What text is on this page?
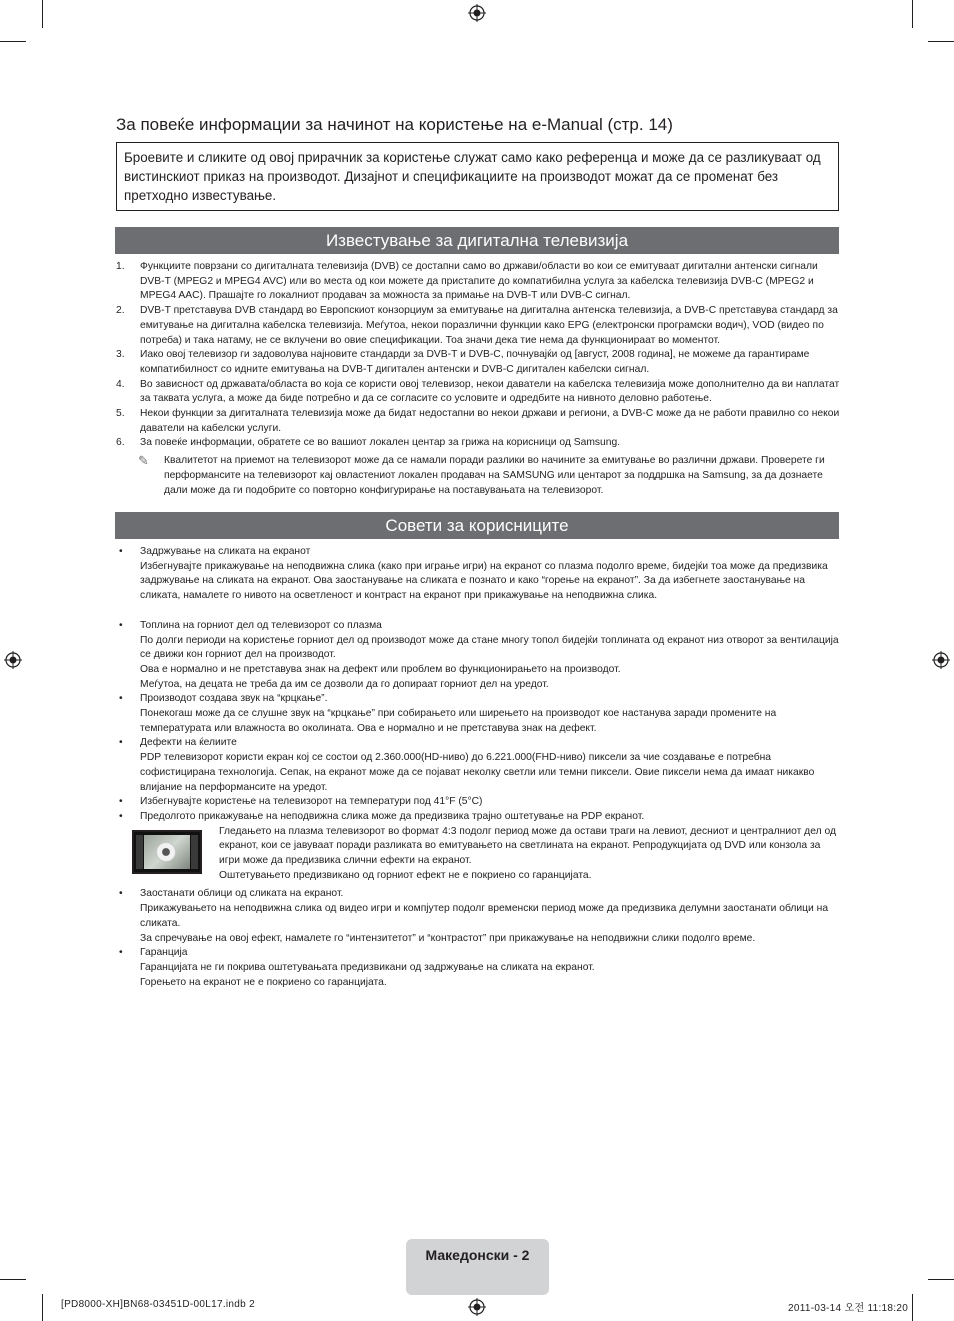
За повеќе информации за начинот на користење на e-Manual (стр. 14)
Броевите и сликите од овој прирачник за користење служат само како референца и може да се разликуваат од вистинскиот приказ на производот. Дизајнот и спецификациите на производот можат да се променат без претходно известување.
Известување за дигитална телевизија
1.	Функциите поврзани со дигиталната телевизија (DVB) се достапни само во држави/области во кои се емитуваат дигитални антенски сигнали DVB-T (MPEG2 и MPEG4 AVC) или во места од кои можете да пристапите до компатибилна услуга за кабелска телевизија DVB-C (MPEG2 и MPEG4 AAC). Прашајте го локалниот продавач за можноста за примање на DVB-T или DVB-C сигнал.
2.	DVB-T претставува DVB стандард во Европскиот конзорциум за емитување на дигитална антенска телевизија, а DVB-C претставува стандард за емитување на дигитална кабелска телевизија. Меѓутоа, некои поразлични функции како EPG (електронски програмски водич), VOD (видео по потреба) и така натаму, не се вклучени во овие спецификации. Тоа значи дека тие нема да функционираат во моментот.
3.	Иако овој телевизор ги задоволува најновите стандарди за DVB-T и DVB-C, почнувајќи од [август, 2008 година], не можеме да гарантираме компатибилност со идните емитувања на DVB-T дигитален антенски и DVB-C дигитален кабелски сигнал.
4.	Во зависност од државата/областа во која се користи овој телевизор, некои даватели на кабелска телевизија може дополнително да ви наплатат за таквата услуга, а може да биде потребно и да се согласите со условите и одредбите на нивното деловно работење.
5.	Некои функции за дигиталната телевизија може да бидат недостапни во некои држави и региони, а DVB-C може да не работи правилно со некои даватели на кабелски услуги.
6.	За повеќе информации, обратете се во вашиот локален центар за грижа на корисници од Samsung.
✎	Квалитетот на приемот на телевизорот може да се намали поради разлики во начините за емитување во различни држави. Проверете ги перформансите на телевизорот кај овластениот локален продавач на SAMSUNG или центарот за поддршка на Samsung, за да дознаете дали може да ги подобрите со повторно конфигурирање на поставувањата на телевизорот.
Совети за корисниците
•	Задржување на сликата на екранот
Избегнувајте прикажување на неподвижна слика (како при играње игри) на екранот со плазма подолго време, бидејќи тоа може да предизвика задржување на сликата на екранот. Ова заостанување на сликата е познато и како “горење на екранот”. За да избегнете заостанување на сликата, намалете го нивото на осветленост и контраст на екранот при прикажување на неподвижна слика.
•	Топлина на горниот дел од телевизорот со плазма
По долги периоди на користење горниот дел од производот може да стане многу топол бидејќи топлината од екранот низ отворот за вентилација се движи кон горниот дел на производот.
Ова е нормално и не претставува знак на дефект или проблем во функционирањето на производот.
Меѓутоа, на децата не треба да им се дозволи да го допираат горниот дел на уредот.
•	Производот создава звук на “крцкање”.
Понекогаш може да се слушне звук на “крцкање” при собирањето или ширењето на производот кое настанува заради промените на температурата или влажноста во околината. Ова е нормално и не претставува знак на дефект.
•	Дефекти на ќелиите
PDP телевизорот користи екран кој се состои од 2.360.000(HD-ниво) до 6.221.000(FHD-ниво) пиксели за чие создавање е потребна софистицирана технологија. Сепак, на екранот може да се појават неколку светли или темни пиксели. Овие пиксели нема да имаат никакво влијание на перформансите на уредот.
•	Избегнувајте користење на телевизорот на температури под 41°F (5°C)
•	Предолгото прикажување на неподвижна слика може да предизвика трајно оштетување на PDP екранот.
Гледањето на плазма телевизорот во формат 4:3 подолг период може да остави траги на левиот, десниот и централниот дел од екранот, кои се јавуваат поради разликата во емитувањето на светлината на екранот. Репродукцијата од DVD или конзола за игри може да предизвика слични ефекти на екранот.
Оштетувањето предизвикано од горниот ефект не е покриено со гаранцијата.
•	Заостанати облици од сликата на екранот.
Прикажувањето на неподвижна слика од видео игри и компјутер подолг временски период може да предизвика делумни заостанати облици на сликата.
За спречување на овој ефект, намалете го “интензитетот” и “контрастот” при прикажување на неподвижни слики подолго време.
•	Гаранција
Гаранцијата не ги покрива оштетувањата предизвикани од задржување на сликата на екранот.
Горењето на екранот не е покриено со гаранцијата.
Македонски - 2
[PD8000-XH]BN68-03451D-00L17.indb 2	2011-03-14 오전 11:18:20
